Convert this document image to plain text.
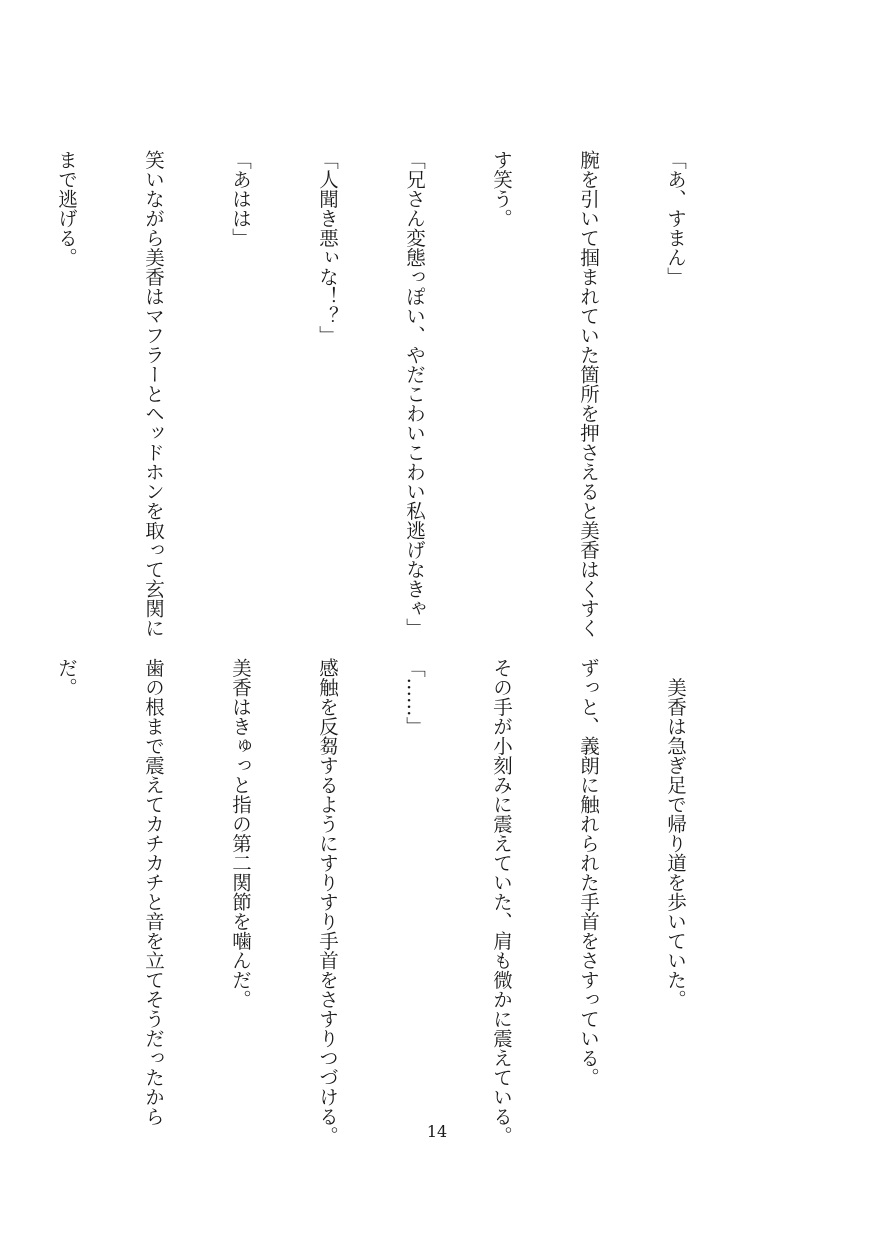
「あ、すまん」

腕を引いて掴まれていた箇所を押さえると美香はくすく

す笑う。

「兄さん変態っぽい、やだこわいこわい私逃げなきゃ」

「人聞き悪ぃな！？」

「あはは」

笑いながら美香はマフラーとヘッドホンを取って玄関に

まで逃げる。

　美香は急ぎ足で帰り道を歩いていた。

ずっと、義朗に触れられた手首をさすっている。

その手が小刻みに震えていた、肩も微かに震えている。

「……」

感触を反芻するようにすりすり手首をさすりつづける。

美香はきゅっと指の第二関節を噛んだ。

歯の根まで震えてカチカチと音を立てそうだったから

だ。

14
